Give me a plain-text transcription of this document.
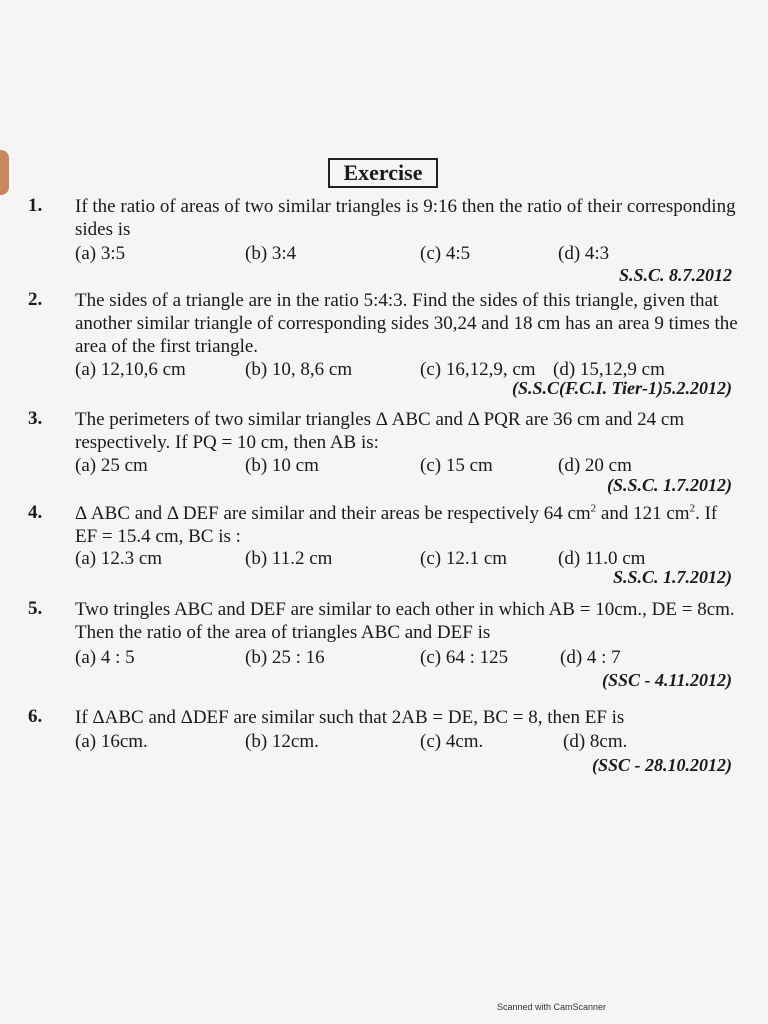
Exercise
1. If the ratio of areas of two similar triangles is 9:16 then the ratio of their corresponding sides is
(a) 3:5	(b) 3:4	(c) 4:5	(d) 4:3
S.S.C. 8.7.2012
2. The sides of a triangle are in the ratio 5:4:3. Find the sides of this triangle, given that another similar triangle of corresponding sides 30,24 and 18 cm has an area 9 times the area of the first triangle.
(a) 12,10,6 cm	(b) 10, 8,6 cm	(c) 16,12,9, cm (d) 15,12,9 cm
(S.S.C(F.C.I. Tier-1)5.2.2012)
3. The perimeters of two similar triangles Δ ABC and Δ PQR are 36 cm and 24 cm respectively. If PQ = 10 cm, then AB is:
(a) 25 cm	(b) 10 cm	(c) 15 cm	(d) 20 cm
(S.S.C. 1.7.2012)
4. Δ ABC and Δ DEF are similar and their areas be respectively 64 $cm^2$ and 121 $cm^2$. If EF = 15.4 cm, BC is :
(a) 12.3 cm	(b) 11.2 cm	(c) 12.1 cm	(d) 11.0 cm
S.S.C. 1.7.2012)
5. Two tringles ABC and DEF are similar to each other in which AB = 10cm., DE = 8cm. Then the ratio of the area of triangles ABC and DEF is
(a) 4 : 5	(b) 25 : 16	(c) 64 : 125	(d) 4 : 7
(SSC - 4.11.2012)
6. If ΔABC and ΔDEF are similar such that 2AB = DE, BC = 8, then EF is
(a) 16cm.	(b) 12cm.	(c) 4cm.	(d) 8cm.
(SSC - 28.10.2012)
Scanned with CamScanner
